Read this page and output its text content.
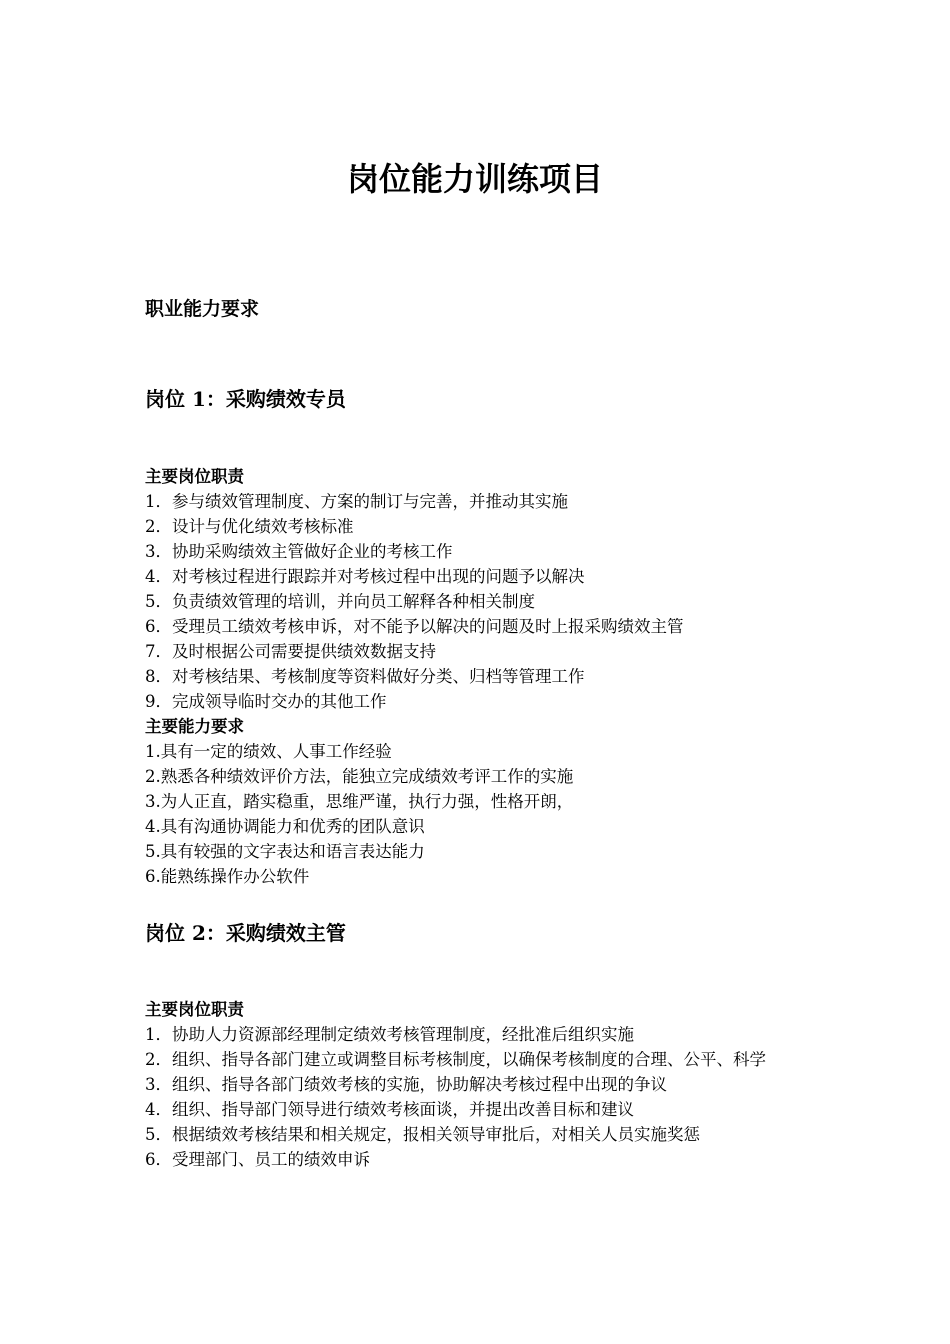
岗位能力训练项目
职业能力要求
岗位 1：采购绩效专员
主要岗位职责
1．参与绩效管理制度、方案的制订与完善，并推动其实施
2．设计与优化绩效考核标准
3．协助采购绩效主管做好企业的考核工作
4．对考核过程进行跟踪并对考核过程中出现的问题予以解决
5．负责绩效管理的培训，并向员工解释各种相关制度
6．受理员工绩效考核申诉，对不能予以解决的问题及时上报采购绩效主管
7．及时根据公司需要提供绩效数据支持
8．对考核结果、考核制度等资料做好分类、归档等管理工作
9．完成领导临时交办的其他工作
主要能力要求
1.具有一定的绩效、人事工作经验
2.熟悉各种绩效评价方法，能独立完成绩效考评工作的实施
3.为人正直，踏实稳重，思维严谨，执行力强，性格开朗，
4.具有沟通协调能力和优秀的团队意识
5.具有较强的文字表达和语言表达能力
6.能熟练操作办公软件
岗位 2：采购绩效主管
主要岗位职责
1．协助人力资源部经理制定绩效考核管理制度，经批准后组织实施
2．组织、指导各部门建立或调整目标考核制度，以确保考核制度的合理、公平、科学
3．组织、指导各部门绩效考核的实施，协助解决考核过程中出现的争议
4．组织、指导部门领导进行绩效考核面谈，并提出改善目标和建议
5．根据绩效考核结果和相关规定，报相关领导审批后，对相关人员实施奖惩
6．受理部门、员工的绩效申诉
